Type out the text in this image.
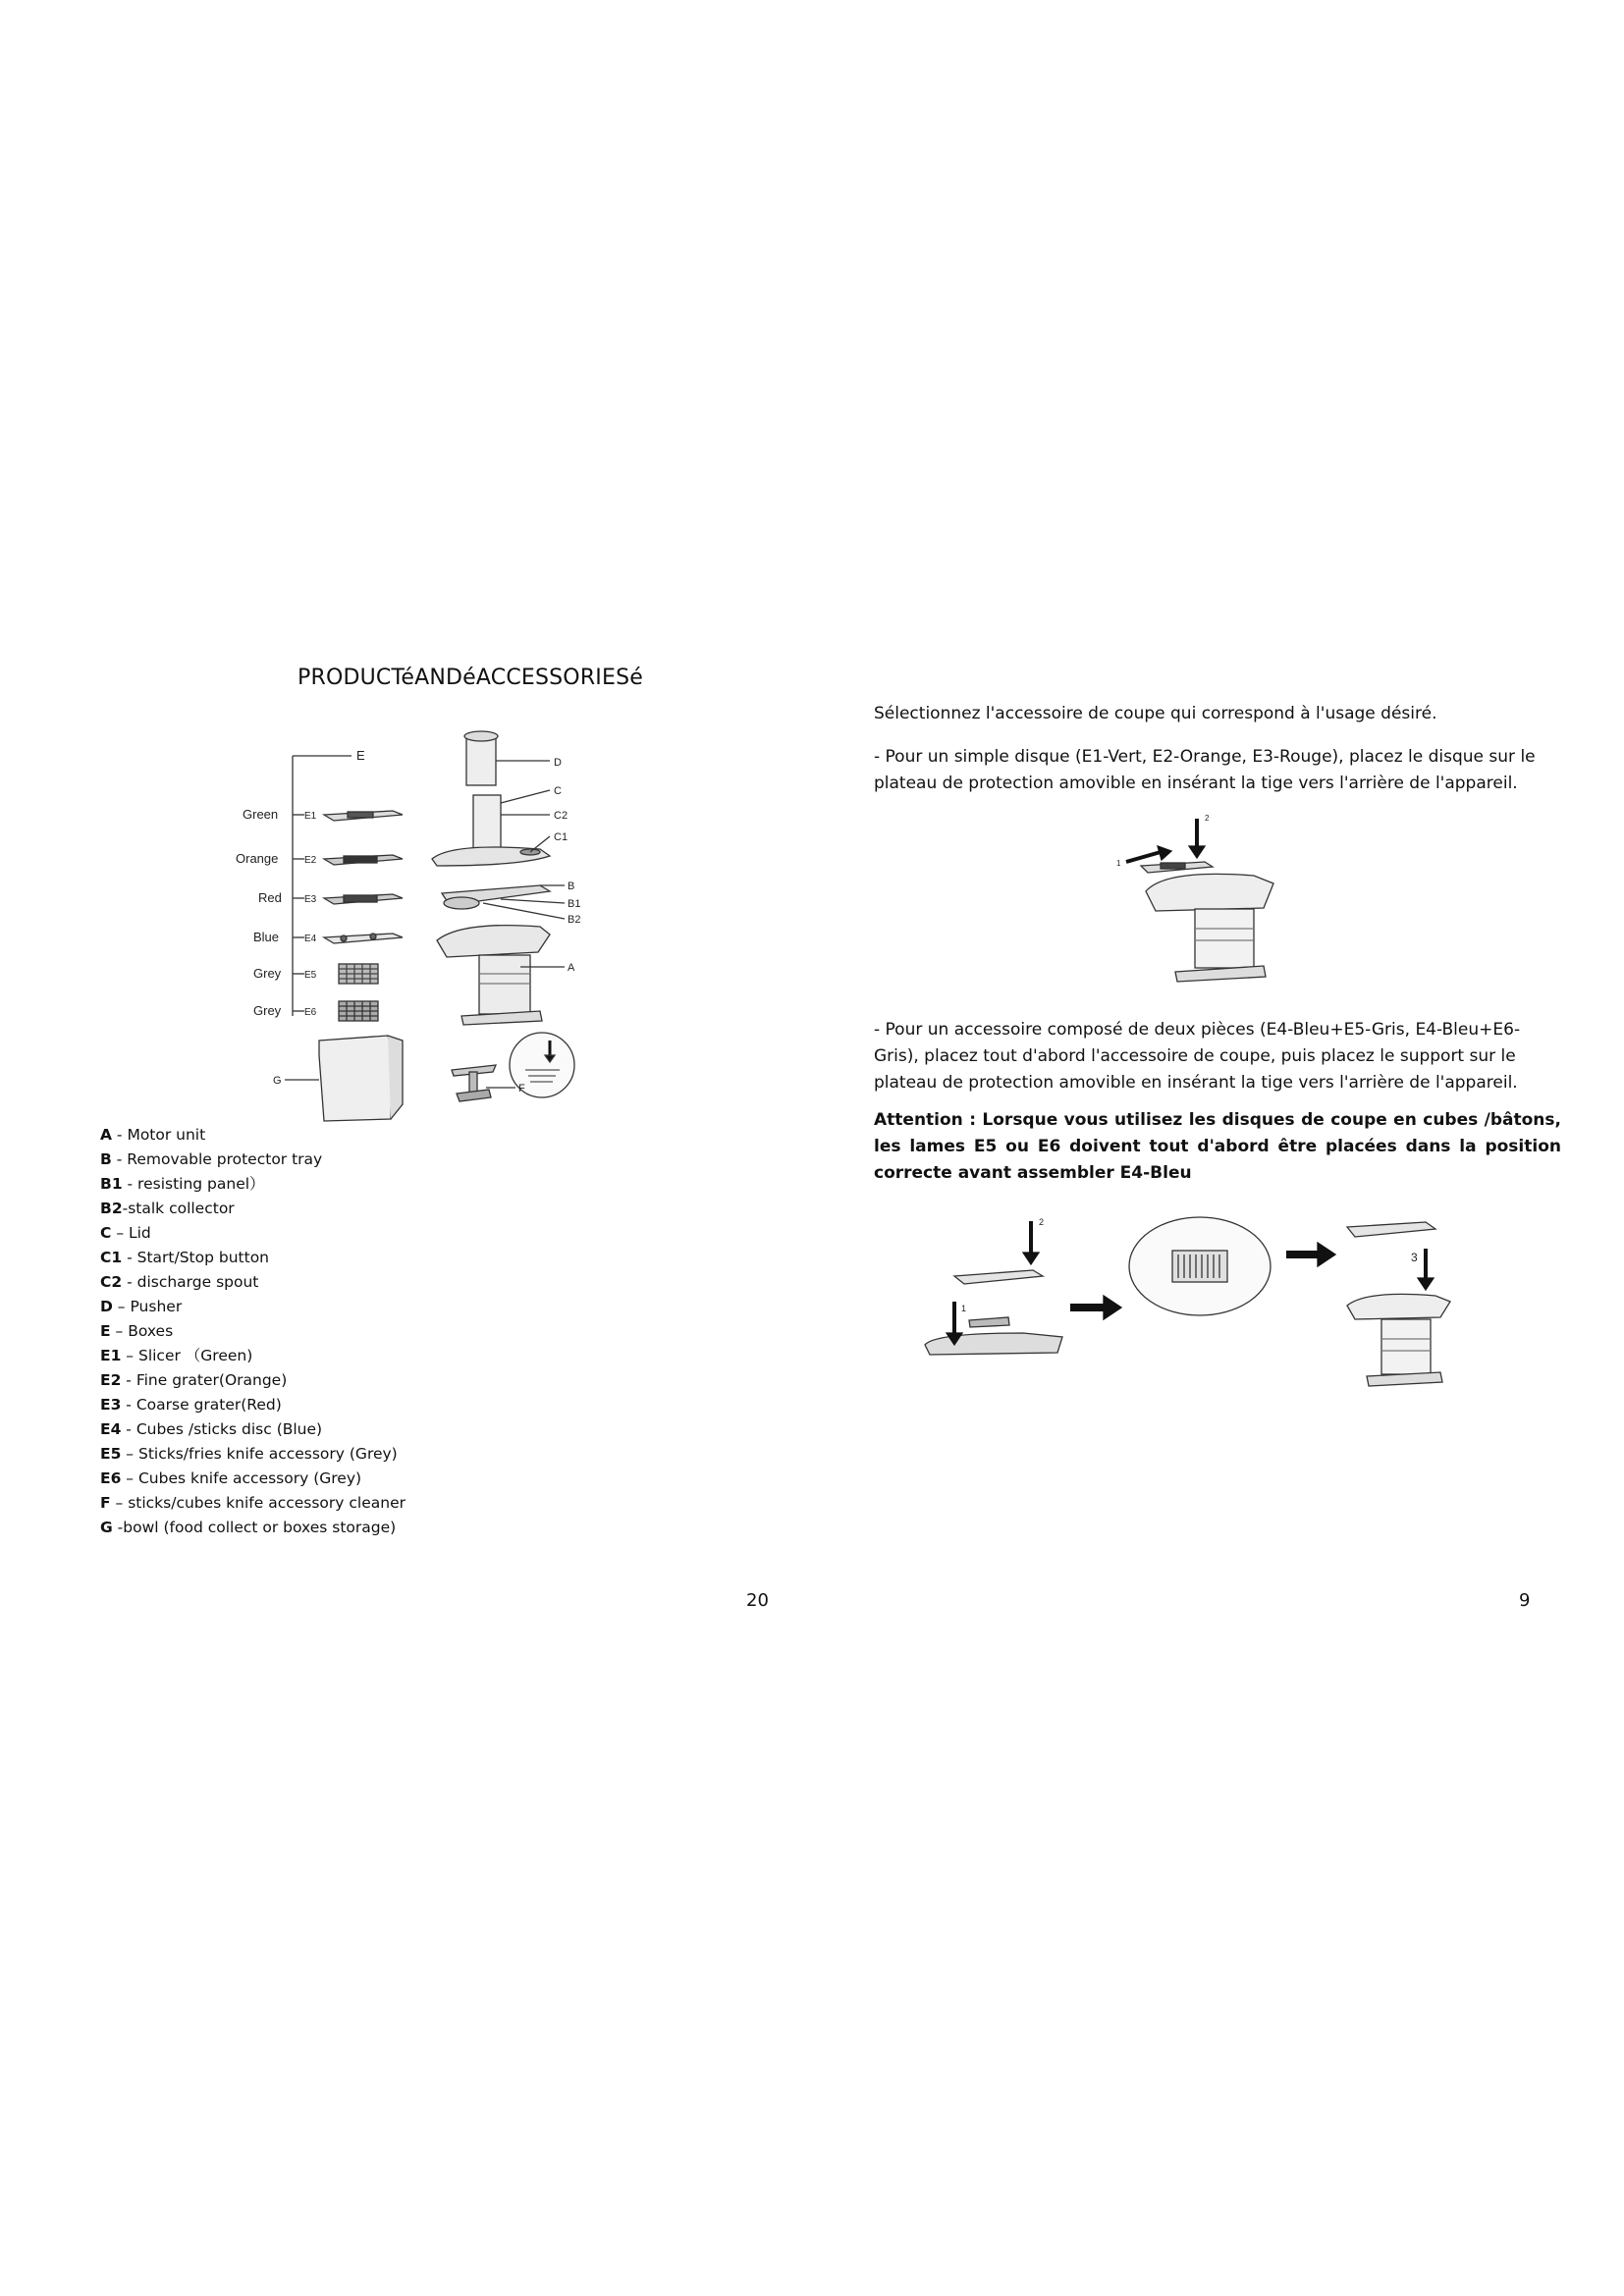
PRODUCTéANDéACCESSORIESé
E
Green
Orange
Red
Blue
Grey
Grey
E1
E2
E3
E4
E5
E6
D
C
C2
C1
B
B1
B2
A
G
F
A - Motor unit
B - Removable protector tray
B1 - resisting panel）
B2-stalk collector
C – Lid
C1 - Start/Stop button
C2 - discharge spout
D – Pusher
E – Boxes
E1 – Slicer （Green)
E2 - Fine grater(Orange)
E3 - Coarse grater(Red)
E4 - Cubes /sticks disc (Blue)
E5 – Sticks/fries knife accessory (Grey)
E6 – Cubes knife accessory (Grey)
F – sticks/cubes knife accessory cleaner
G -bowl (food collect or boxes storage)
20
Sélectionnez l'accessoire de coupe qui correspond à l'usage désiré.
- Pour un simple disque (E1-Vert, E2-Orange, E3-Rouge), placez le disque sur le plateau de protection amovible en insérant la tige vers l'arrière de l'appareil.
1
2
- Pour un accessoire composé de deux pièces (E4-Bleu+E5-Gris, E4-Bleu+E6-Gris), placez tout d'abord l'accessoire de coupe, puis placez le support sur le plateau de protection amovible en insérant la tige vers l'arrière de l'appareil.
Attention : Lorsque vous utilisez les disques de coupe en cubes /bâtons, les lames E5 ou E6 doivent tout d'abord être placées dans la position correcte avant assembler E4-Bleu
1
2
3
9
